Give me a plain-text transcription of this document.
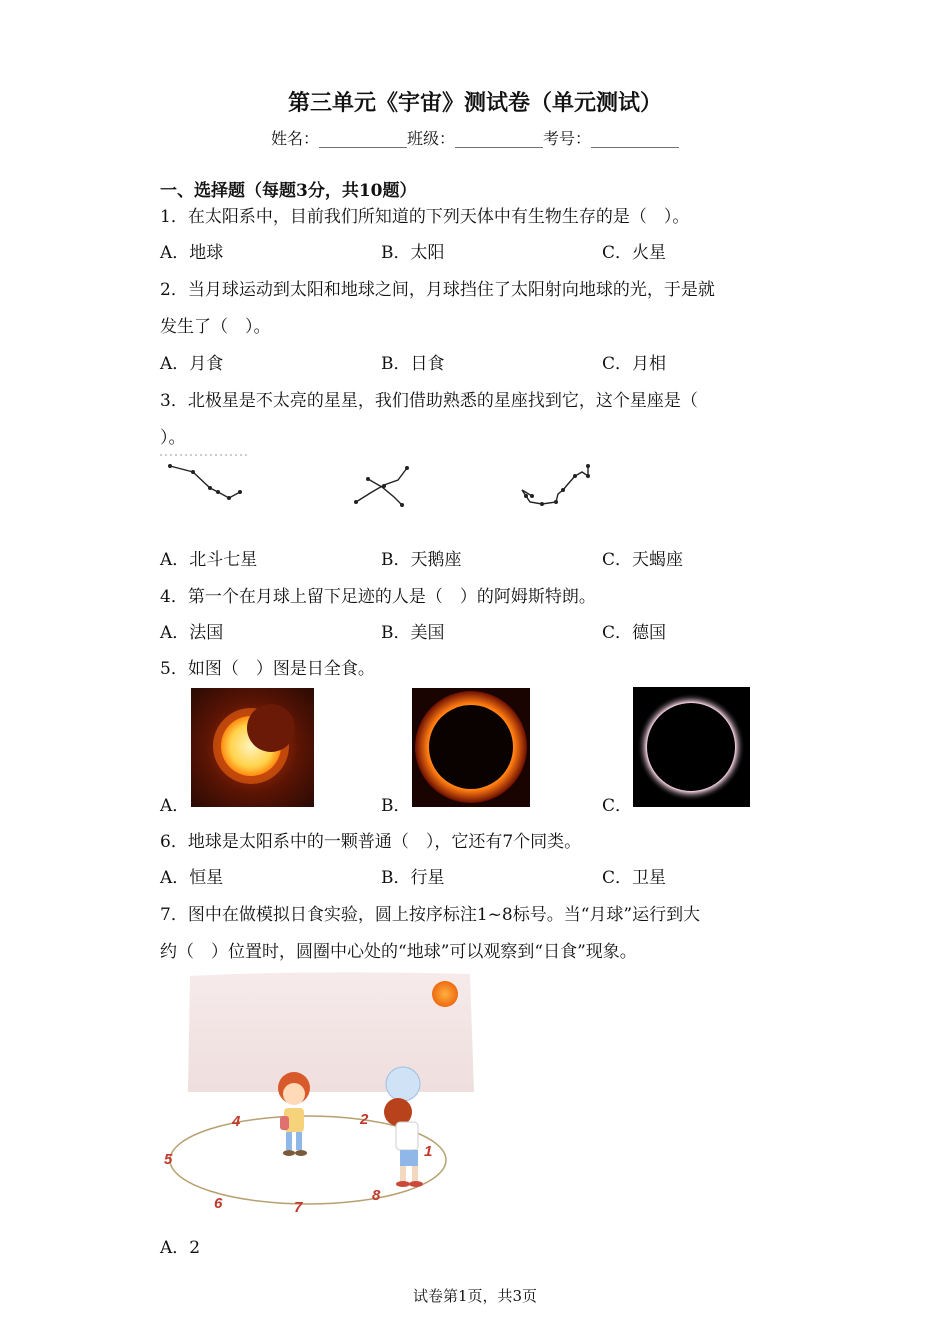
第三单元《宇宙》测试卷（单元测试）
姓名：___________班级：___________考号：___________
一、选择题（每题3分，共10题）
1．在太阳系中，目前我们所知道的下列天体中有生物生存的是（　）。
A．地球	B．太阳	C．火星
2．当月球运动到太阳和地球之间，月球挡住了太阳射向地球的光，于是就
发生了（　）。
A．月食	B．日食	C．月相
3．北极星是不太亮的星星，我们借助熟悉的星座找到它，这个星座是（
）。
A．北斗七星	B．天鹅座	C．天蝎座
4．第一个在月球上留下足迹的人是（　）的阿姆斯特朗。
A．法国	B．美国	C．德国
5．如图（　）图是日全食。
A．	B．	C．
6．地球是太阳系中的一颗普通（　），它还有7个同类。
A．恒星	B．行星	C．卫星
7．图中在做模拟日食实验，圆上按序标注1~8标号。当“月球”运行到大
约（　）位置时，圆圈中心处的“地球”可以观察到“日食”现象。
1
2
4
5
6	7
8
A．2
试卷第1页，共3页
